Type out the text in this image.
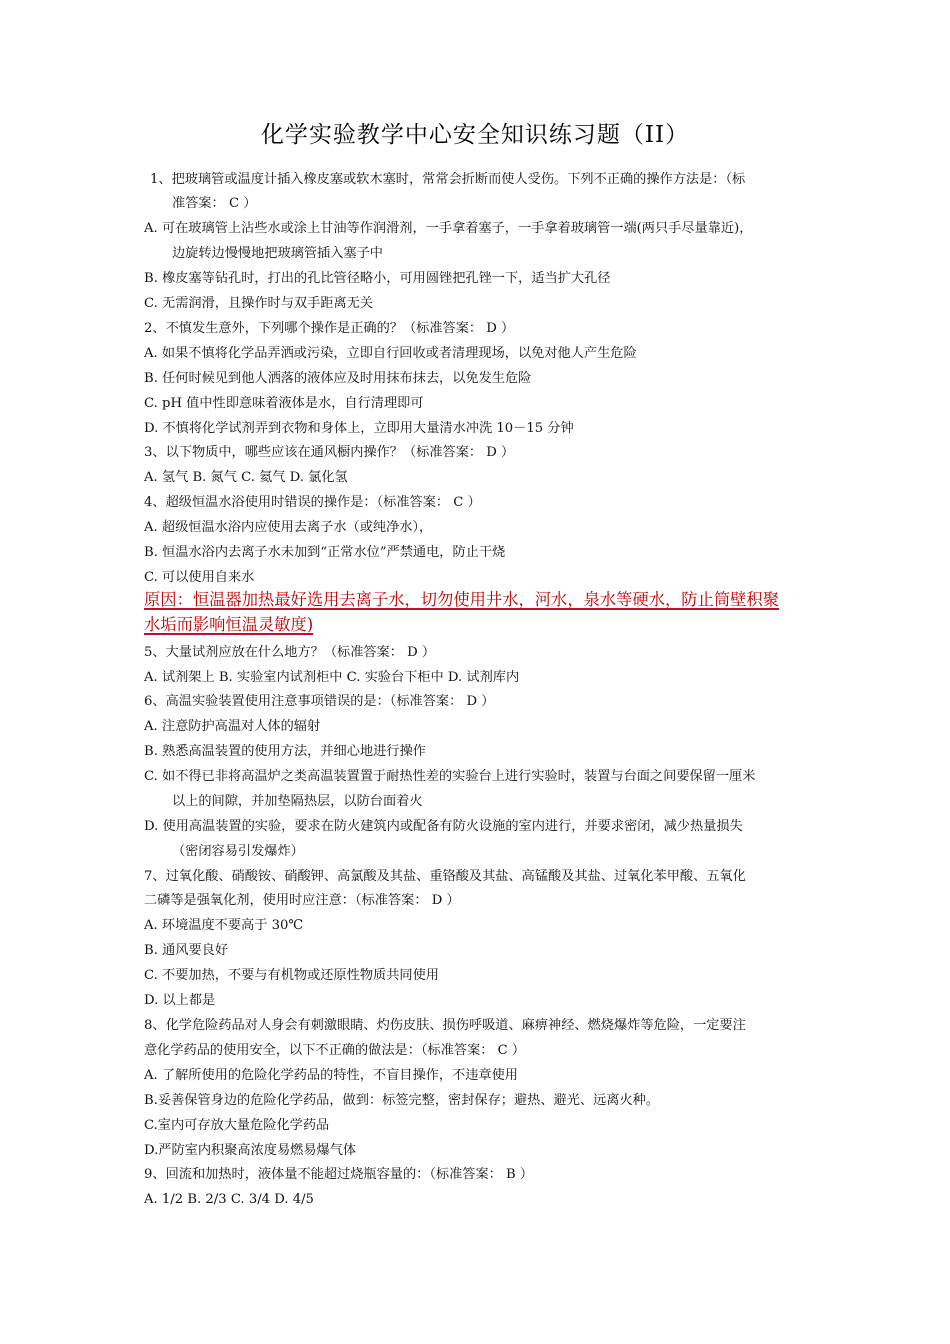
化学实验教学中心安全知识练习题（II）
1、把玻璃管或温度计插入橡皮塞或软木塞时，常常会折断而使人受伤。下列不正确的操作方法是：（标
准答案： C ）
A. 可在玻璃管上沾些水或涂上甘油等作润滑剂，一手拿着塞子，一手拿着玻璃管一端(两只手尽量靠近)，
边旋转边慢慢地把玻璃管插入塞子中
B. 橡皮塞等钻孔时，打出的孔比管径略小，可用圆锉把孔锉一下，适当扩大孔径
C. 无需润滑，且操作时与双手距离无关
2、不慎发生意外，下列哪个操作是正确的？（标准答案： D ）
A. 如果不慎将化学品弄洒或污染，立即自行回收或者清理现场，以免对他人产生危险
B. 任何时候见到他人洒落的液体应及时用抹布抹去，以免发生危险
C. pH 值中性即意味着液体是水，自行清理即可
D. 不慎将化学试剂弄到衣物和身体上，立即用大量清水冲洗 10－15 分钟
3、以下物质中，哪些应该在通风橱内操作？（标准答案： D ）
A. 氢气 B. 氮气 C. 氦气 D. 氯化氢
4、超级恒温水浴使用时错误的操作是：（标准答案： C ）
A. 超级恒温水浴内应使用去离子水（或纯净水），
B. 恒温水浴内去离子水未加到“正常水位”严禁通电，防止干烧
C. 可以使用自来水
原因：恒温器加热最好选用去离子水，切勿使用井水，河水，泉水等硬水，防止筒壁积聚
水垢而影响恒温灵敏度)
5、大量试剂应放在什么地方？（标准答案： D ）
A. 试剂架上 B. 实验室内试剂柜中 C. 实验台下柜中 D. 试剂库内
6、高温实验装置使用注意事项错误的是：（标准答案： D ）
A. 注意防护高温对人体的辐射
B. 熟悉高温装置的使用方法，并细心地进行操作
C. 如不得已非将高温炉之类高温装置置于耐热性差的实验台上进行实验时，装置与台面之间要保留一厘米
以上的间隙，并加垫隔热层，以防台面着火
D. 使用高温装置的实验，要求在防火建筑内或配备有防火设施的室内进行，并要求密闭，减少热量损失
（密闭容易引发爆炸）
7、过氧化酸、硝酸铵、硝酸钾、高氯酸及其盐、重铬酸及其盐、高锰酸及其盐、过氧化苯甲酸、五氧化
二磷等是强氧化剂，使用时应注意：（标准答案： D ）
A. 环境温度不要高于 30℃
B. 通风要良好
C. 不要加热，不要与有机物或还原性物质共同使用
D. 以上都是
8、化学危险药品对人身会有刺激眼睛、灼伤皮肤、损伤呼吸道、麻痹神经、燃烧爆炸等危险，一定要注
意化学药品的使用安全，以下不正确的做法是：（标准答案： C ）
A. 了解所使用的危险化学药品的特性，不盲目操作，不违章使用
B.妥善保管身边的危险化学药品，做到：标签完整，密封保存；避热、避光、远离火种。
C.室内可存放大量危险化学药品
D.严防室内积聚高浓度易燃易爆气体
9、回流和加热时，液体量不能超过烧瓶容量的：（标准答案： B ）
A. 1/2 B. 2/3 C. 3/4 D. 4/5
